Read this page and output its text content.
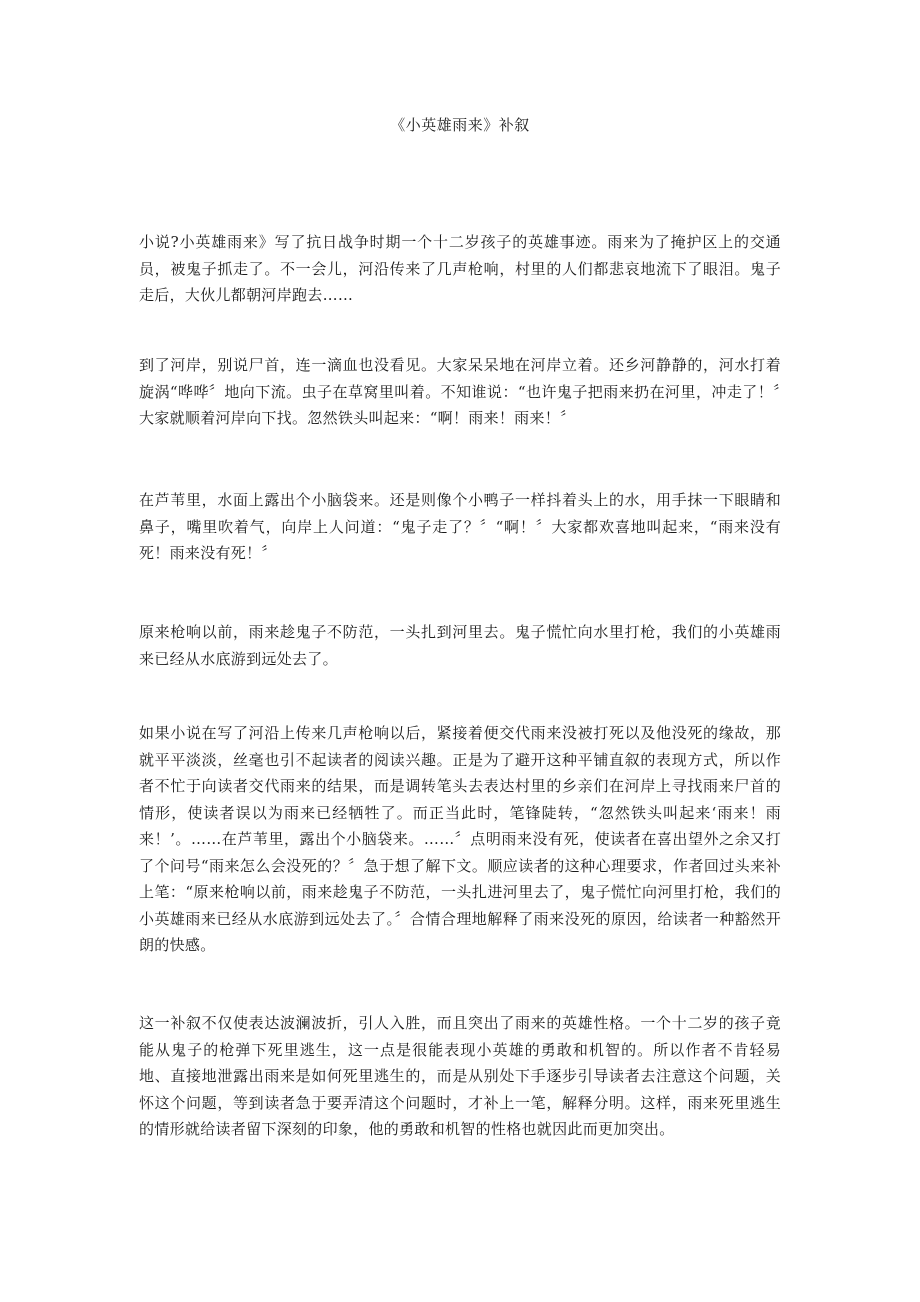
《小英雄雨来》补叙

小说?小英雄雨来》写了抗日战争时期一个十二岁孩子的英雄事迹。雨来为了掩护区上的交通员，被鬼子抓走了。不一会儿，河沿传来了几声枪响，村里的人们都悲哀地流下了眼泪。鬼子走后，大伙儿都朝河岸跑去……

到了河岸，别说尸首，连一滴血也没看见。大家呆呆地在河岸立着。还乡河静静的，河水打着旋涡“哗哗〞地向下流。虫子在草窝里叫着。不知谁说：“也许鬼子把雨来扔在河里，冲走了！〞大家就顺着河岸向下找。忽然铁头叫起来：“啊！雨来！雨来！〞

在芦苇里，水面上露出个小脑袋来。还是则像个小鸭子一样抖着头上的水，用手抹一下眼睛和鼻子，嘴里吹着气，向岸上人问道：“鬼子走了？〞“啊！〞大家都欢喜地叫起来，“雨来没有死！雨来没有死！〞

原来枪响以前，雨来趁鬼子不防范，一头扎到河里去。鬼子慌忙向水里打枪，我们的小英雄雨来已经从水底游到远处去了。

如果小说在写了河沿上传来几声枪响以后，紧接着便交代雨来没被打死以及他没死的缘故，那就平平淡淡，丝毫也引不起读者的阅读兴趣。正是为了避开这种平铺直叙的表现方式，所以作者不忙于向读者交代雨来的结果，而是调转笔头去表达村里的乡亲们在河岸上寻找雨来尸首的情形，使读者误以为雨来已经牺牲了。而正当此时，笔锋陡转，“忽然铁头叫起来‘雨来！雨来！’。……在芦苇里，露出个小脑袋来。……〞点明雨来没有死，使读者在喜出望外之余又打了个问号“雨来怎么会没死的？〞急于想了解下文。顺应读者的这种心理要求，作者回过头来补上笔：“原来枪响以前，雨来趁鬼子不防范，一头扎进河里去了，鬼子慌忙向河里打枪，我们的小英雄雨来已经从水底游到远处去了。〞合情合理地解释了雨来没死的原因，给读者一种豁然开朗的快感。

这一补叙不仅使表达波澜波折，引人入胜，而且突出了雨来的英雄性格。一个十二岁的孩子竟能从鬼子的枪弹下死里逃生，这一点是很能表现小英雄的勇敢和机智的。所以作者不肯轻易地、直接地泄露出雨来是如何死里逃生的，而是从别处下手逐步引导读者去注意这个问题，关怀这个问题，等到读者急于要弄清这个问题时，才补上一笔，解释分明。这样，雨来死里逃生的情形就给读者留下深刻的印象，他的勇敢和机智的性格也就因此而更加突出。
